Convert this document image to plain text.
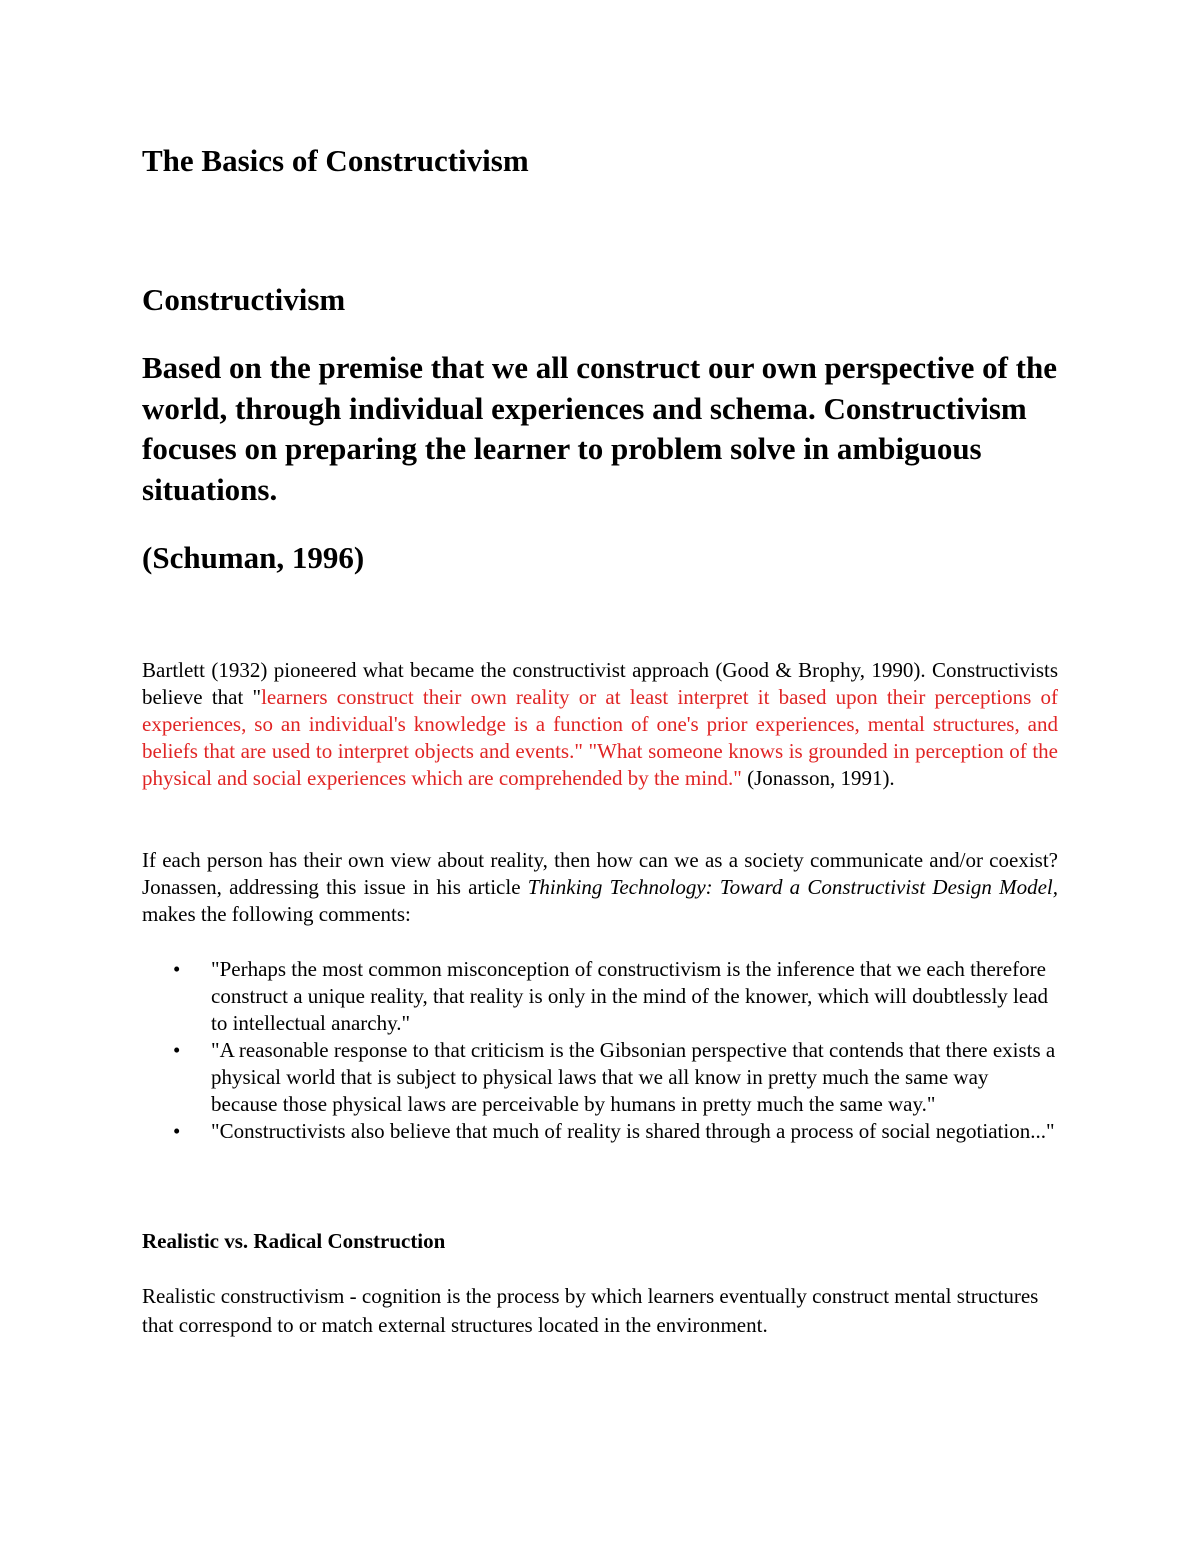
The Basics of Constructivism
Constructivism

Based on the premise that we all construct our own perspective of the world, through individual experiences and schema. Constructivism focuses on preparing the learner to problem solve in ambiguous situations.

(Schuman, 1996)

Bartlett (1932) pioneered what became the constructivist approach (Good & Brophy, 1990). Constructivists believe that "learners construct their own reality or at least interpret it based upon their perceptions of experiences, so an individual's knowledge is a function of one's prior experiences, mental structures, and beliefs that are used to interpret objects and events." "What someone knows is grounded in perception of the physical and social experiences which are comprehended by the mind." (Jonasson, 1991).

If each person has their own view about reality, then how can we as a society communicate and/or coexist? Jonassen, addressing this issue in his article Thinking Technology: Toward a Constructivist Design Model, makes the following comments:

• "Perhaps the most common misconception of constructivism is the inference that we each therefore construct a unique reality, that reality is only in the mind of the knower, which will doubtlessly lead to intellectual anarchy."
• "A reasonable response to that criticism is the Gibsonian perspective that contends that there exists a physical world that is subject to physical laws that we all know in pretty much the same way because those physical laws are perceivable by humans in pretty much the same way."
• "Constructivists also believe that much of reality is shared through a process of social negotiation..."
Realistic vs. Radical Construction

Realistic constructivism - cognition is the process by which learners eventually construct mental structures that correspond to or match external structures located in the environment.
